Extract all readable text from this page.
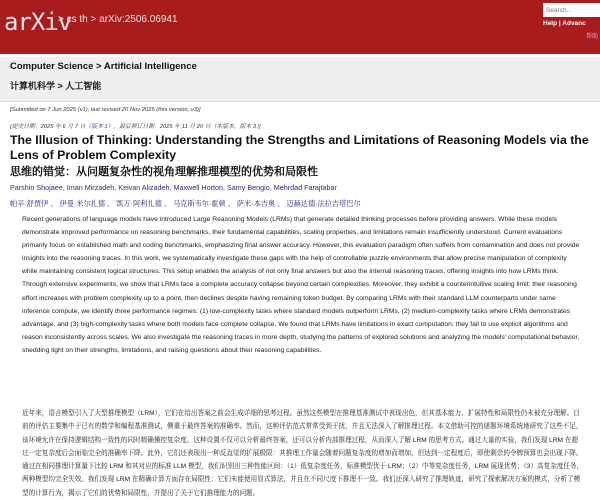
arXiv
> cs th > arXiv:2506.06941
Search...	Help | Advanc
帮助
Computer Science > Artificial Intelligence
计算机科学 > 人工智能
[Submitted on 7 Jun 2025 (v1), last revised 20 Nov 2025 (this version, v3)]
[提交日期：2025 年 6 月 7 日（版本 1），最后修订日期：2025 年 11 月 20 日（本版本，版本 3）]
The Illusion of Thinking: Understanding the Strengths and Limitations of Reasoning Models via the Lens of Problem Complexity
思维的错觉：从问题复杂性的视角理解推理模型的优势和局限性
Parshin Shojaee, Iman Mirzadeh, Keivan Alizadeh, Maxwell Horton, Samy Bengio, Mehrdad Farajtabar
帕辛·舒贾伊 、 伊曼·米尔扎德 、 凯万·阿利扎德 、 马克斯韦尔·霍顿 、 萨米·本吉奥 、 迈赫达德·法拉吉塔巴尔

Recent generations of language models have introduced Large Reasoning Models (LRMs) that generate detailed thinking processes before providing answers. While these models demonstrate improved performance on reasoning benchmarks, their fundamental capabilities, scaling properties, and limitations remain insufficiently understood. Current evaluations primarily focus on established math and coding benchmarks, emphasizing final answer accuracy. However, this evaluation paradigm often suffers from contamination and does not provide insights into the reasoning traces. In this work, we systematically investigate these gaps with the help of controllable puzzle environments that allow precise manipulation of complexity while maintaining consistent logical structures. This setup enables the analysis of not only final answers but also the internal reasoning traces, offering insights into how LRMs think. Through extensive experiments, we show that LRMs face a complete accuracy collapse beyond certain complexities. Moreover, they exhibit a counterintuitive scaling limit: their reasoning effort increases with problem complexity up to a point, then declines despite having remaining token budget. By comparing LRMs with their standard LLM counterparts under same inference compute, we identify three performance regimes: (1) low-complexity tasks where standard models outperform LRMs, (2) medium-complexity tasks where LRMs demonstrates advantage, and (3) high-complexity tasks where both models face complete collapse. We found that LRMs have limitations in exact computation: they fail to use explicit algorithms and reason inconsistently across scales. We also investigate the reasoning traces in more depth, studying the patterns of explored solutions and analyzing the models' computational behavior, shedding light on their strengths, limitations, and raising questions about their reasoning capabilities.

近年来，语言模型引入了大型推理模型（LRM），它们在给出答案之前会生成详细的思考过程。虽然这些模型在推理基准测试中表现出色，但其基本能力、扩展特性和局限性仍未被充分理解。目前的评估主要集中于已有的数学和编程基准测试，侧重于最终答案的准确率。然而，这种评估范式常常受到干扰，并且无法深入了解推理过程。本文借助可控的谜题环境系统地研究了这些不足，该环境允许在保持逻辑结构一致性的同时精确操控复杂度。这种设置不仅可以分析最终答案，还可以分析内部推理过程，从而深入了解 LRM 的思考方式。通过大量的实验，我们发现 LRM 在超过一定复杂度后会面临完全的准确率下降。此外，它们还表现出一种反直觉的扩展极限：其推理工作量会随着问题复杂度的增加而增加，但达到一定程度后，即使剩余的令牌预算也会出现下降。通过在相同推理计算量下比较 LRM 和其对应的标准 LLM 模型，我们识别出三种性能区间：（1）低复杂度任务，标准模型优于 LRM；（2）中等复杂度任务，LRM 展现优势；（3）高复杂度任务，两种模型均完全失效。我们发现 LRM 在精确计算方面存在局限性：它们未能使用显式算法，并且在不同尺度下推理不一致。我们还深入研究了推理轨迹，研究了探索解决方案的模式，分析了模型的计算行为，揭示了它们的优势和局限性，并提出了关于它们推理能力的问题。
